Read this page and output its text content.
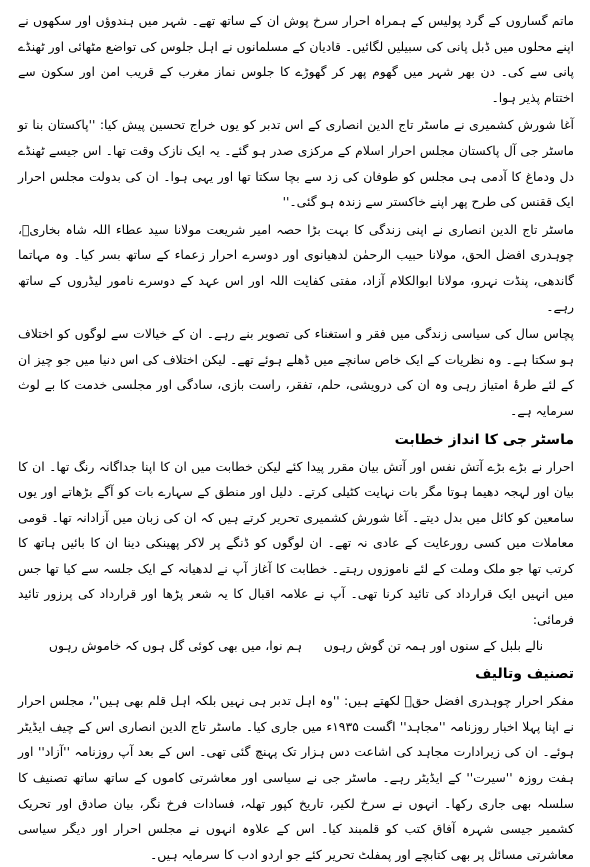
ماتم گساروں کے گرد پولیس کے ہمراہ احرار سرخ پوش ان کے ساتھ تھے۔ شہر میں ہندوؤں اور سکھوں نے اپنے محلوں میں ڈبل پانی کی سبیلیں لگائیں۔ قادیان کے مسلمانوں نے اہل جلوس کی تواضع مٹھائی اور ٹھنڈے پانی سے کی۔ دن بھر شہر میں گھوم پھر کر گھوڑے کا جلوس نماز مغرب کے قریب امن اور سکون سے اختتام پذیر ہوا۔

آغا شورش کشمیری نے ماسٹر تاج الدین انصاری کے اس تدبر کو یوں خراج تحسین پیش کیا: ''پاکستان بنا تو ماسٹر جی آل پاکستان مجلس احرار اسلام کے مرکزی صدر ہو گئے۔ یہ ایک نازک وقت تھا۔ اس جیسے ٹھنڈے دل ودماغ کا آدمی ہی مجلس کو طوفان کی زد سے بچا سکتا تھا اور یہی ہوا۔ ان کی بدولت مجلس احرار ایک ققنس کی طرح پھر اپنے خاکستر سے زندہ ہو گئی۔''

ماسٹر تاج الدین انصاری نے اپنی زندگی کا بہت بڑا حصہ امیر شریعت مولانا سید عطاء اللہ شاہ بخاریؒ، چوہدری افضل الحق، مولانا حبیب الرحمٰن لدھیانوی اور دوسرے احرار زعماء کے ساتھ بسر کیا۔ وہ مہاتما گاندھی، پنڈت نہرو، مولانا ابوالکلام آزاد، مفتی کفایت اللہ اور اس عہد کے دوسرے نامور لیڈروں کے ساتھ رہے۔

پچاس سال کی سیاسی زندگی میں فقر و استغناء کی تصویر بنے رہے۔ ان کے خیالات سے لوگوں کو اختلاف ہو سکتا ہے۔ وہ نظریات کے ایک خاص سانچے میں ڈھلے ہوئے تھے۔ لیکن اختلاف کی اس دنیا میں جو چیز ان کے لئے طرۂ امتیاز رہی وہ ان کی درویشی، حلم، تفقر، راست بازی، سادگی اور مجلسی خدمت کا بے لوث سرمایہ ہے۔

ماسٹر جی کا انداز خطابت

احرار نے بڑے بڑے آتش نفس اور آتش بیان مقرر پیدا کئے لیکن خطابت میں ان کا اپنا جداگانہ رنگ تھا۔ ان کا بیان اور لہجہ دھیما ہوتا مگر بات نہایت کٹیلی کرتے۔ دلیل اور منطق کے سہارے بات کو آگے بڑھاتے اور یوں سامعین کو کائل میں بدل دیتے۔ آغا شورش کشمیری تحریر کرتے ہیں کہ ان کی زبان میں آزادانہ تھا۔ قومی معاملات میں کسی رورعایت کے عادی نہ تھے۔ ان لوگوں کو ڈنگے پر لاکر پھینکی دینا ان کا بائیں ہاتھ کا کرتب تھا جو ملک وملت کے لئے ناموزوں رہتے۔ خطابت کا آغاز آپ نے لدھیانہ کے ایک جلسہ سے کیا تھا جس میں انہیں ایک قرارداد کی تائید کرنا تھی۔ آپ نے علامہ اقبال کا یہ شعر پڑھا اور قرارداد کی پرزور تائید فرمائی:

نالے بلبل کے سنوں اور ہمہ تن گوش رہوں
ہم نوا، میں بھی کوئی گل ہوں کہ خاموش رہوں
تصنیف وتالیف

مفکر احرار چوہدری افضل حقؒ لکھتے ہیں: ''وہ اہل تدبر ہی نہیں بلکہ اہل قلم بھی ہیں''، مجلس احرار نے اپنا پہلا اخبار روزنامہ ''مجاہد'' اگست ۱۹۳۵ء میں جاری کیا۔ ماسٹر تاج الدین انصاری اس کے چیف ایڈیٹر ہوئے۔ ان کی زیرادارت مجاہد کی اشاعت دس ہزار تک پہنچ گئی تھی۔ اس کے بعد آپ روزنامہ ''آزاد'' اور ہفت روزہ ''سیرت'' کے ایڈیٹر رہے۔ ماسٹر جی نے سیاسی اور معاشرتی کاموں کے ساتھ ساتھ تصنیف کا سلسلہ بھی جاری رکھا۔ انہوں نے سرخ لکیر، تاریخ کپور تھلہ، فسادات فرخ نگر، بیان صادق اور تحریک کشمیر جیسی شہرہ آفاق کتب کو قلمبند کیا۔ اس کے علاوہ انہوں نے مجلس احرار اور دیگر سیاسی معاشرتی مسائل پر بھی کتابچے اور پمفلٹ تحریر کئے جو اردو ادب کا سرمایہ ہیں۔
